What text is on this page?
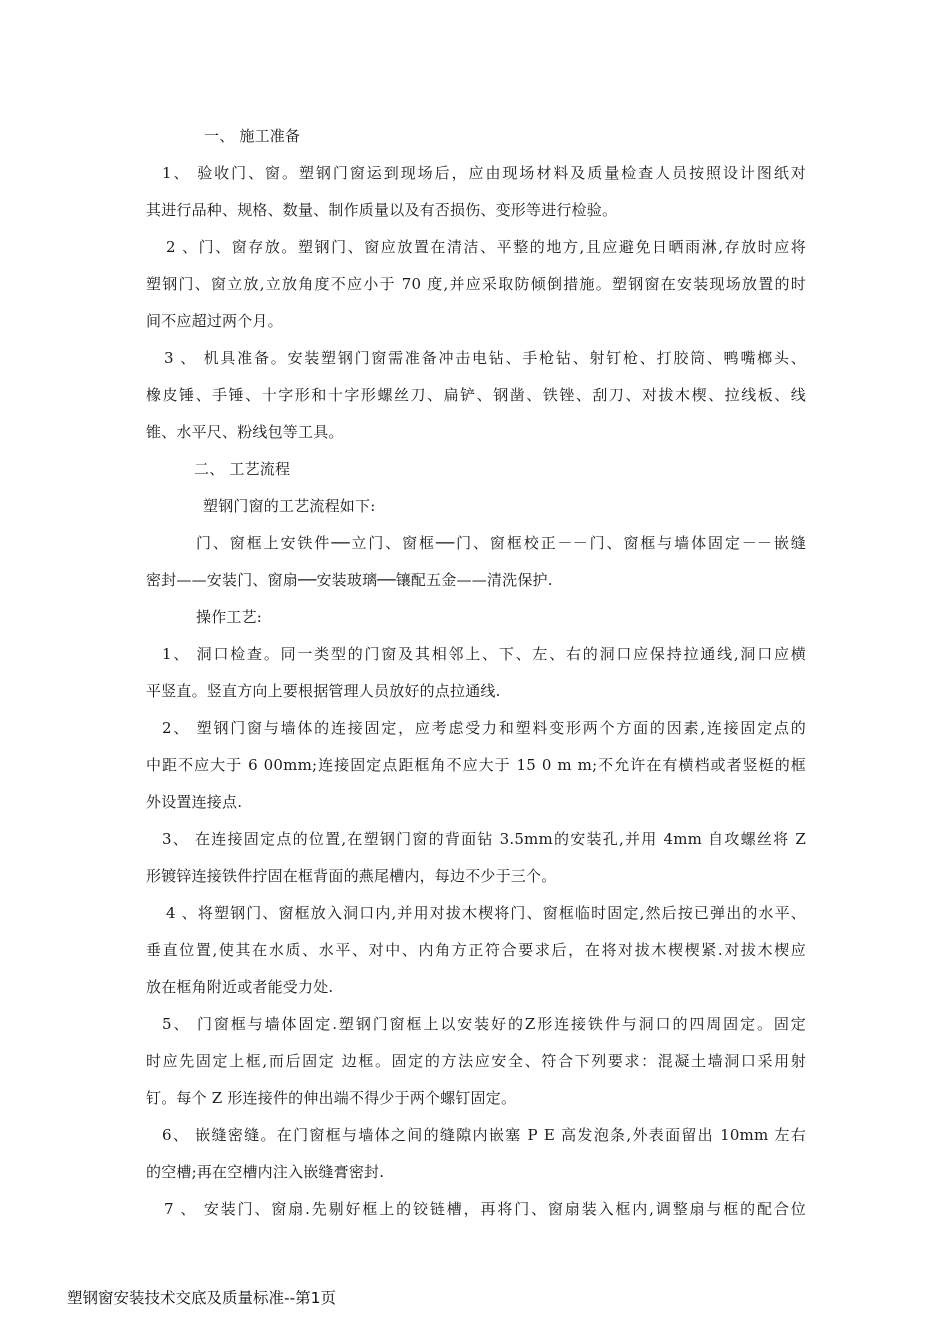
一、 施工准备
1、 验收门、窗。塑钢门窗运到现场后，应由现场材料及质量检查人员按照设计图纸对
其进行品种、规格、数量、制作质量以及有否损伤、变形等进行检验。
2 、门、窗存放。塑钢门、窗应放置在清洁、平整的地方,且应避免日晒雨淋,存放时应将
塑钢门、窗立放,立放角度不应小于 70 度,并应采取防倾倒措施。塑钢窗在安装现场放置的时
间不应超过两个月。
3 、 机具准备。安装塑钢门窗需准备冲击电钻、手枪钻、射钉枪、打胶筒、鸭嘴榔头、
橡皮锤、手锤、十字形和十字形螺丝刀、扁铲、钢凿、铁锉、刮刀、对拔木楔、拉线板、线
锥、水平尺、粉线包等工具。
二、 工艺流程
塑钢门窗的工艺流程如下:
门、窗框上安铁件──立门、窗框──门、窗框校正－－门、窗框与墙体固定－－嵌缝
密封——安装门、窗扇──安装玻璃──镶配五金——清洗保护.
操作工艺:
1、 洞口检查。同一类型的门窗及其相邻上、下、左、右的洞口应保持拉通线,洞口应横
平竖直。竖直方向上要根据管理人员放好的点拉通线.
2、 塑钢门窗与墙体的连接固定，应考虑受力和塑料变形两个方面的因素,连接固定点的
中距不应大于 6 00mm;连接固定点距框角不应大于 15 0 m m;不允许在有横档或者竖梃的框
外设置连接点.
3、 在连接固定点的位置,在塑钢门窗的背面钻 3.5mm的安装孔,并用 4mm 自攻螺丝将 Z
形镀锌连接铁件拧固在框背面的燕尾槽内，每边不少于三个。
4 、将塑钢门、窗框放入洞口内,并用对拔木楔将门、窗框临时固定,然后按已弹出的水平、
垂直位置,使其在水质、水平、对中、内角方正符合要求后，在将对拔木楔楔紧.对拔木楔应
放在框角附近或者能受力处.
5、 门窗框与墙体固定.塑钢门窗框上以安装好的Z形连接铁件与洞口的四周固定。固定
时应先固定上框,而后固定 边框。固定的方法应安全、符合下列要求：混凝土墙洞口采用射
钉。每个 Z 形连接件的伸出端不得少于两个螺钉固定。
6、 嵌缝密缝。在门窗框与墙体之间的缝隙内嵌塞 P E 高发泡条,外表面留出 10mm 左右
的空槽;再在空槽内注入嵌缝膏密封.
7 、 安装门、窗扇.先剔好框上的铰链槽，再将门、窗扇装入框内,调整扇与框的配合位
塑钢窗安装技术交底及质量标准--第1页
